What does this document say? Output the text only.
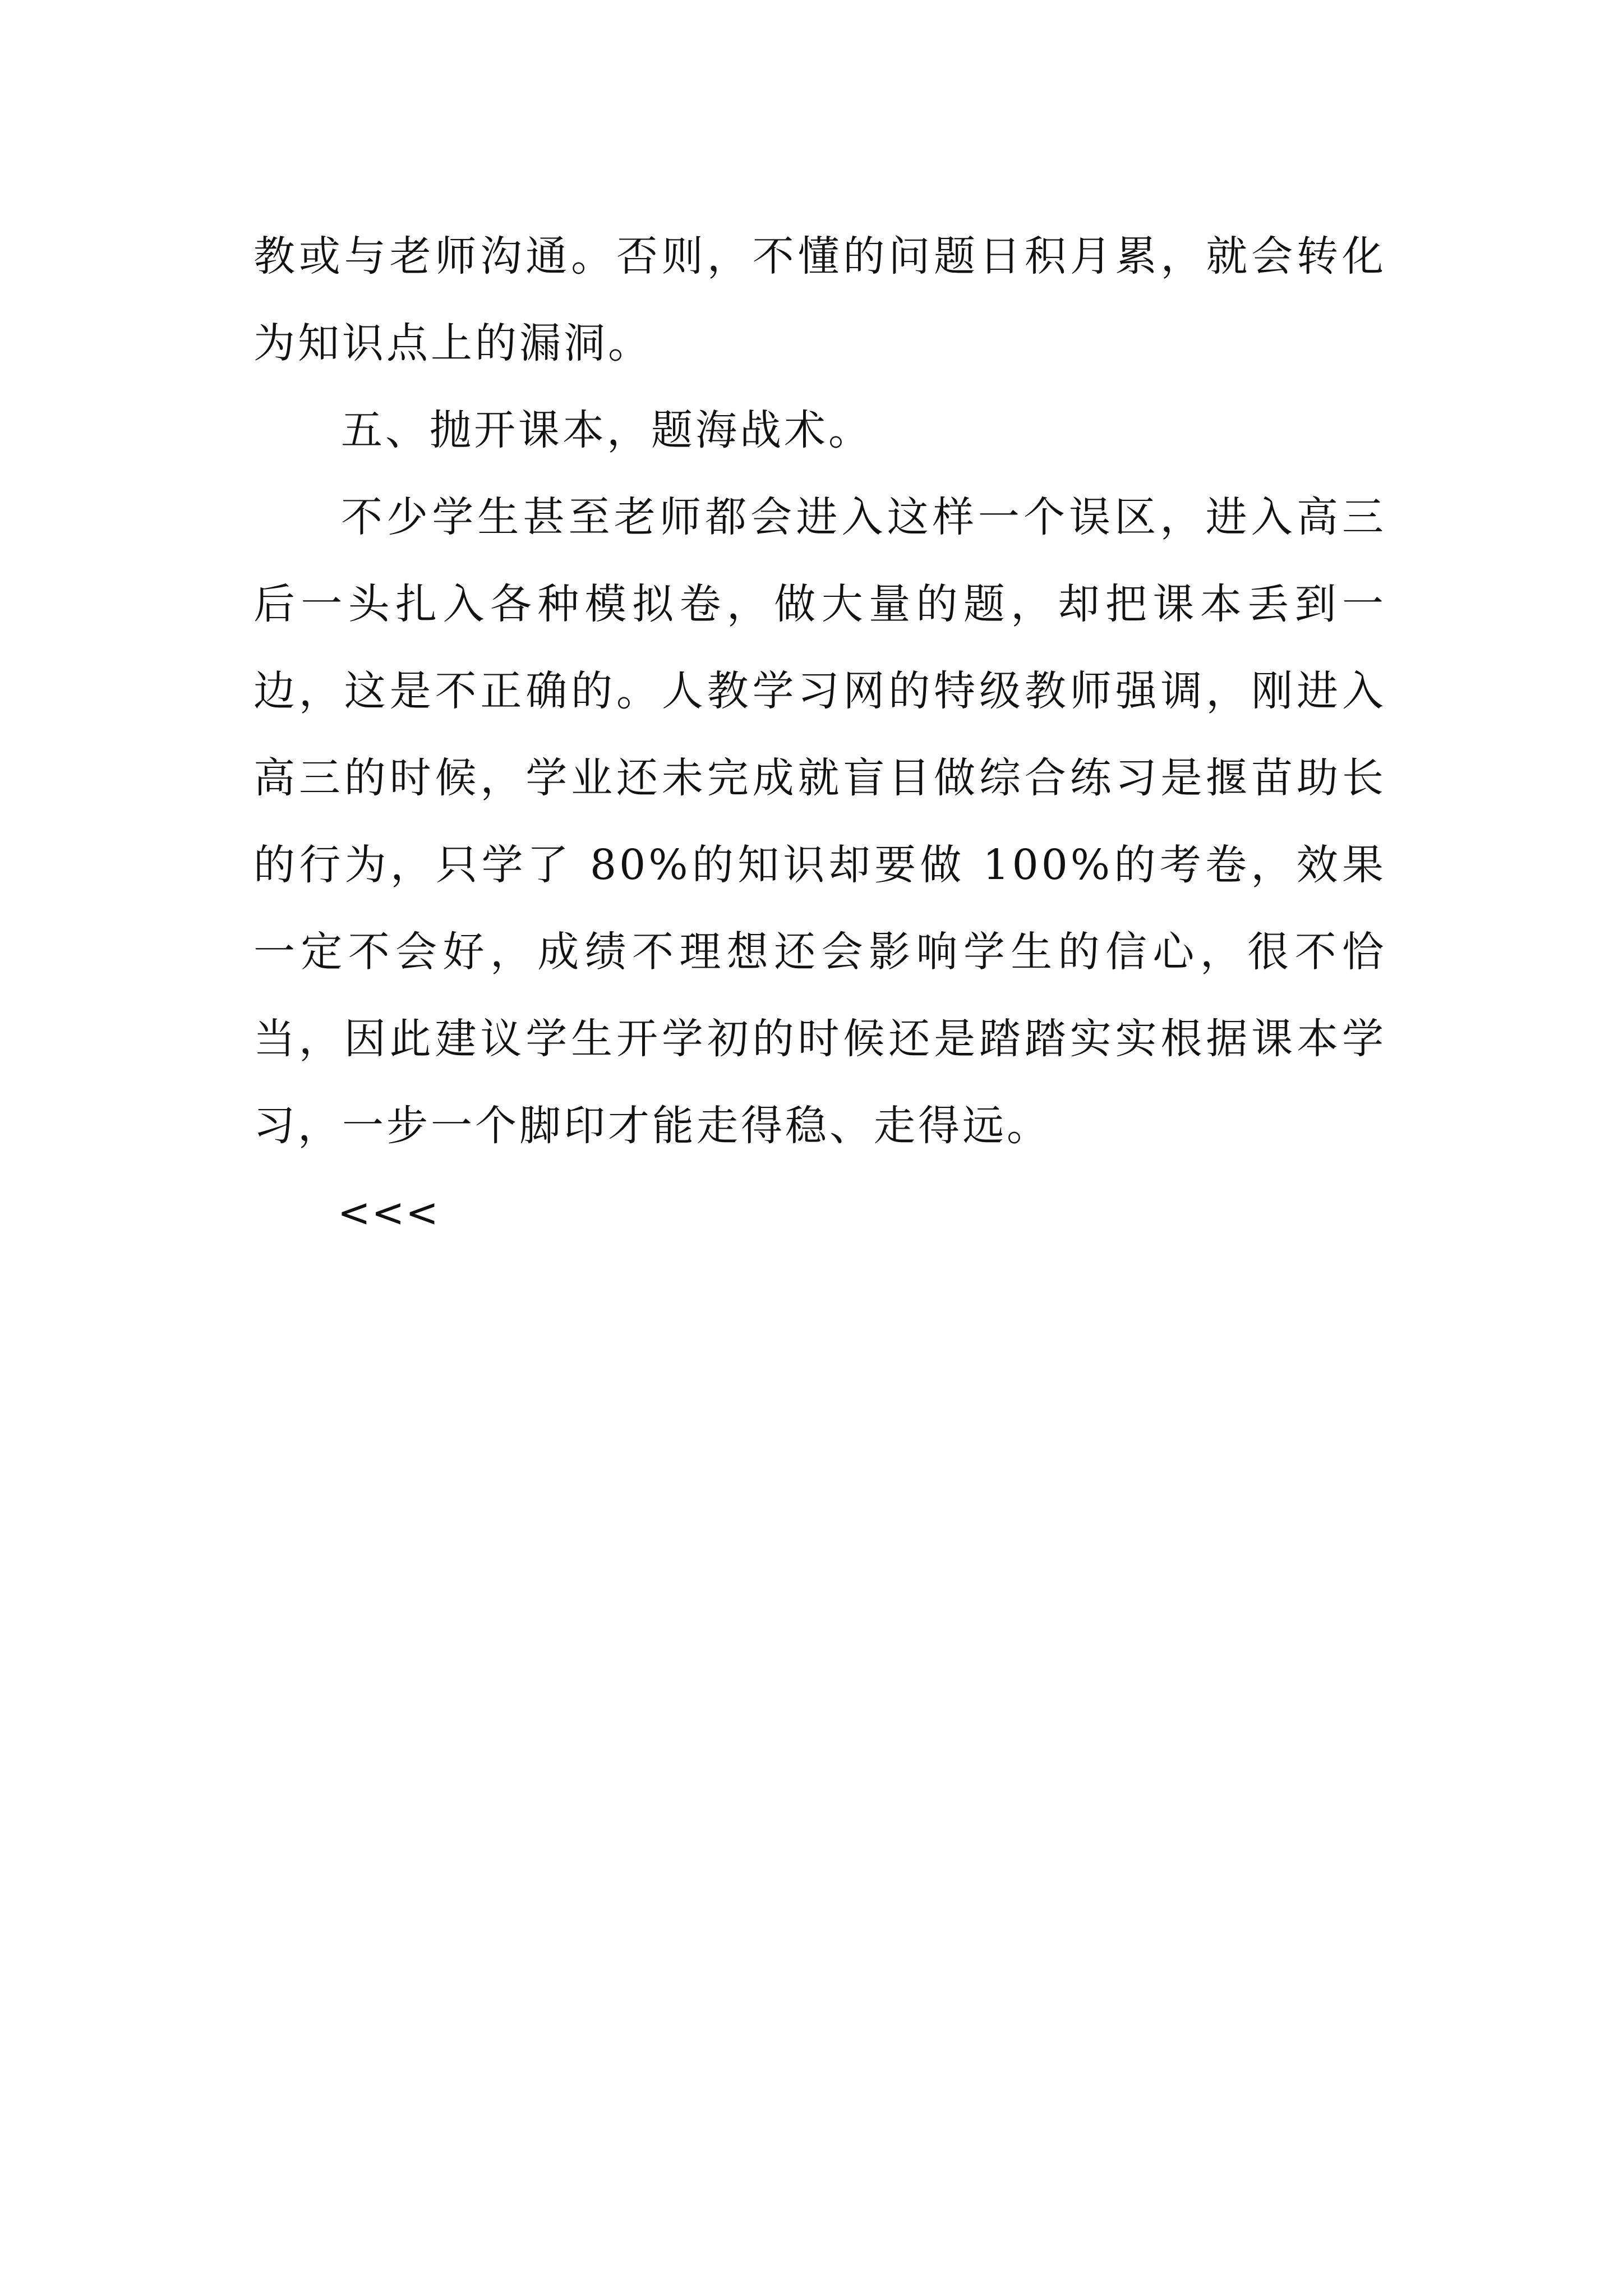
教或与老师沟通。否则，不懂的问题日积月累，就会转化为知识点上的漏洞。

五、抛开课本，题海战术。

不少学生甚至老师都会进入这样一个误区，进入高三后一头扎入各种模拟卷，做大量的题，却把课本丢到一边，这是不正确的。人教学习网的特级教师强调，刚进入高三的时候，学业还未完成就盲目做综合练习是揠苗助长的行为，只学了 80%的知识却要做 100%的考卷，效果一定不会好，成绩不理想还会影响学生的信心，很不恰当，因此建议学生开学初的时候还是踏踏实实根据课本学习，一步一个脚印才能走得稳、走得远。

<<<
